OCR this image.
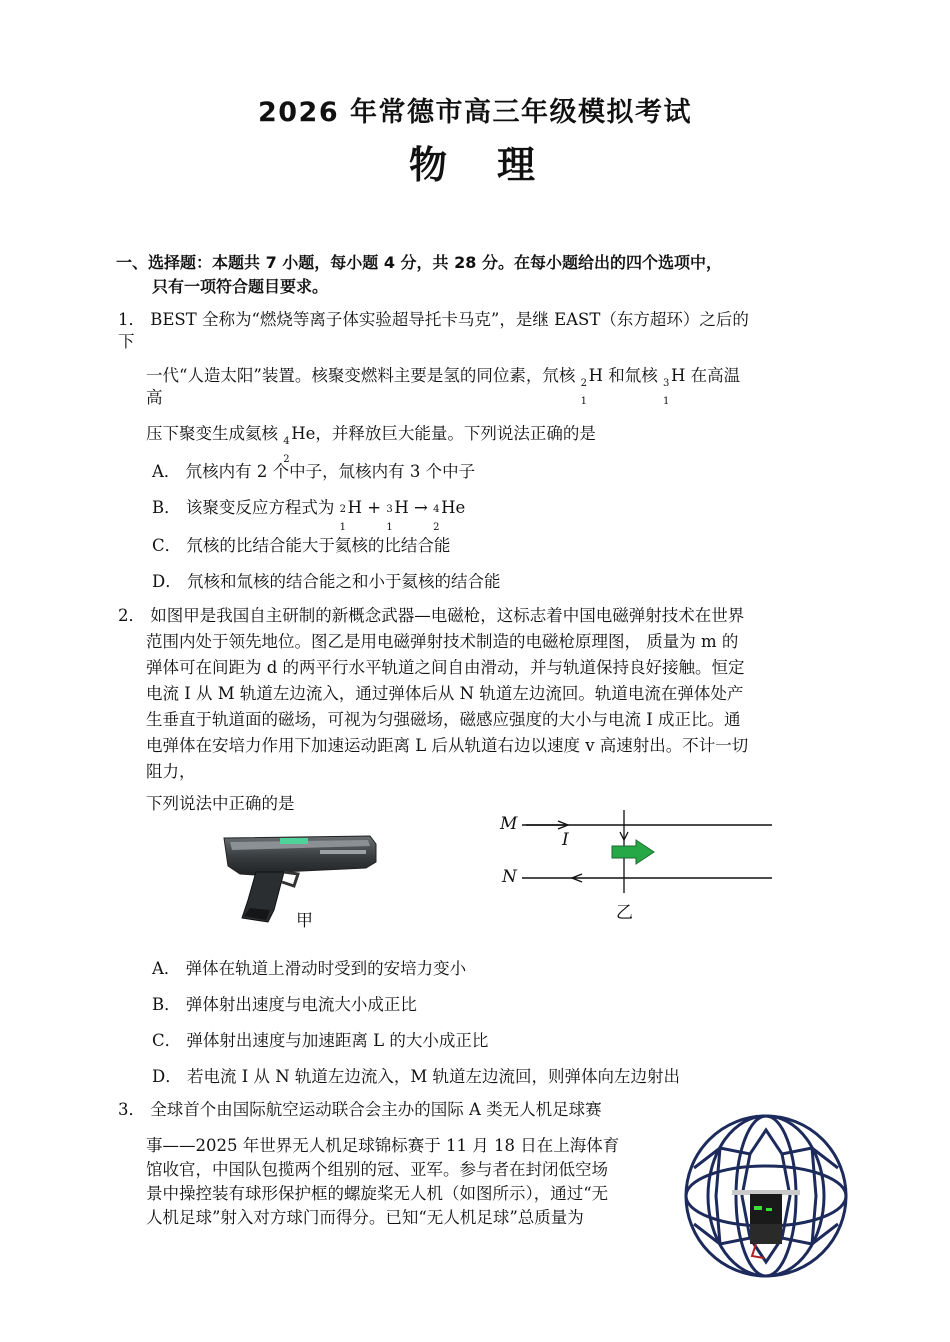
2026 年常德市高三年级模拟考试
物　理
一、选择题：本题共 7 小题，每小题 4 分，共 28 分。在每小题给出的四个选项中，
只有一项符合题目要求。
1． BEST 全称为“燃烧等离子体实验超导托卡马克”，是继 EAST（东方超环）之后的
下
一代“人造太阳”装置。核聚变燃料主要是氢的同位素，氘核 2
1
H 和氚核 3
1
H 在高温
高
压下聚变生成氦核 4
2
He，并释放巨大能量。下列说法正确的是
A． 氘核内有 2 个中子，氚核内有 3 个中子
B． 该聚变反应方程式为 2
1
H + 3
1
H → 4
2
He
C． 氘核的比结合能大于氦核的比结合能
D． 氘核和氚核的结合能之和小于氦核的结合能
2． 如图甲是我国自主研制的新概念武器—电磁枪，这标志着中国电磁弹射技术在世界
范围内处于领先地位。图乙是用电磁弹射技术制造的电磁枪原理图， 质量为 m 的
弹体可在间距为 d 的两平行水平轨道之间自由滑动，并与轨道保持良好接触。恒定
电流 I 从 M 轨道左边流入，通过弹体后从 N 轨道左边流回。轨道电流在弹体处产
生垂直于轨道面的磁场，可视为匀强磁场，磁感应强度的大小与电流 I 成正比。通
电弹体在安培力作用下加速运动距离 L 后从轨道右边以速度 v 高速射出。不计一切
阻力，
下列说法中正确的是
甲
M
N
I
乙
A． 弹体在轨道上滑动时受到的安培力变小
B． 弹体射出速度与电流大小成正比
C． 弹体射出速度与加速距离 L 的大小成正比
D． 若电流 I 从 N 轨道左边流入，M 轨道左边流回，则弹体向左边射出
3． 全球首个由国际航空运动联合会主办的国际 A 类无人机足球赛
事——2025 年世界无人机足球锦标赛于 11 月 18 日在上海体育
馆收官，中国队包揽两个组别的冠、亚军。参与者在封闭低空场
景中操控装有球形保护框的螺旋桨无人机（如图所示），通过“无
人机足球”射入对方球门而得分。已知“无人机足球”总质量为
